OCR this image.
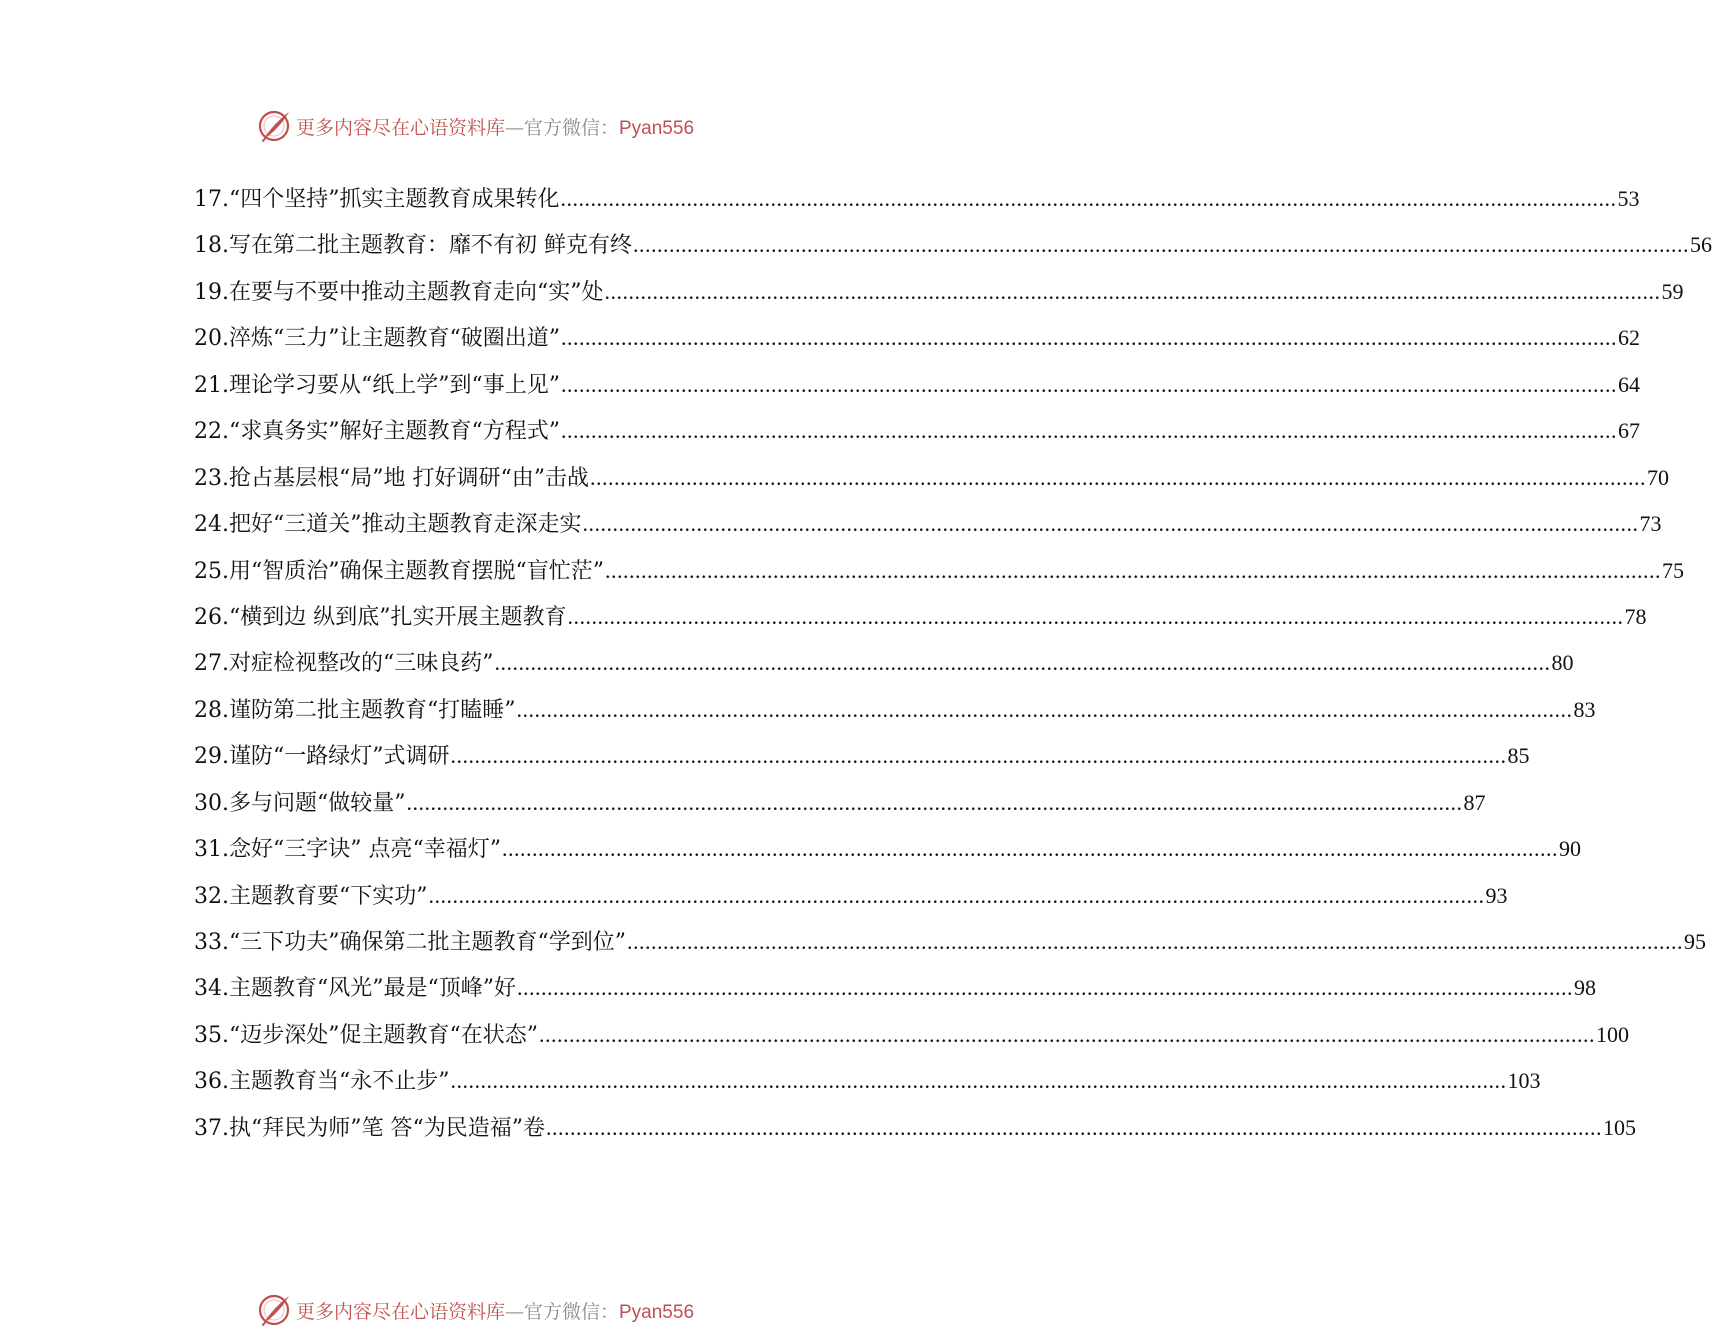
更多内容尽在心语资料库—官方微信：Pyan556
17.“四个坚持”抓实主题教育成果转化 .....	53
18.写在第二批主题教育：靡不有初 鲜克有终 .....	56
19.在要与不要中推动主题教育走向“实”处 .....	59
20.淬炼“三力”让主题教育“破圈出道” .....	62
21.理论学习要从“纸上学”到“事上见” .....	64
22.“求真务实”解好主题教育“方程式” .....	67
23.抢占基层根“局”地 打好调研“由”击战 .....	70
24.把好“三道关”推动主题教育走深走实 .....	73
25.用“智质治”确保主题教育摆脱“盲忙茫” .....	75
26.“横到边 纵到底”扎实开展主题教育 .....	78
27.对症检视整改的“三味良药” .....	80
28.谨防第二批主题教育“打瞌睡” .....	83
29.谨防“一路绿灯”式调研 .....	85
30.多与问题“做较量” .....	87
31.念好“三字诀” 点亮“幸福灯” .....	90
32.主题教育要“下实功” .....	93
33.“三下功夫”确保第二批主题教育“学到位” .....	95
34.主题教育“风光”最是“顶峰”好 .....	98
35.“迈步深处”促主题教育“在状态” .....	100
36.主题教育当“永不止步” .....	103
37.执“拜民为师”笔 答“为民造福”卷 .....	105
更多内容尽在心语资料库—官方微信：Pyan556
